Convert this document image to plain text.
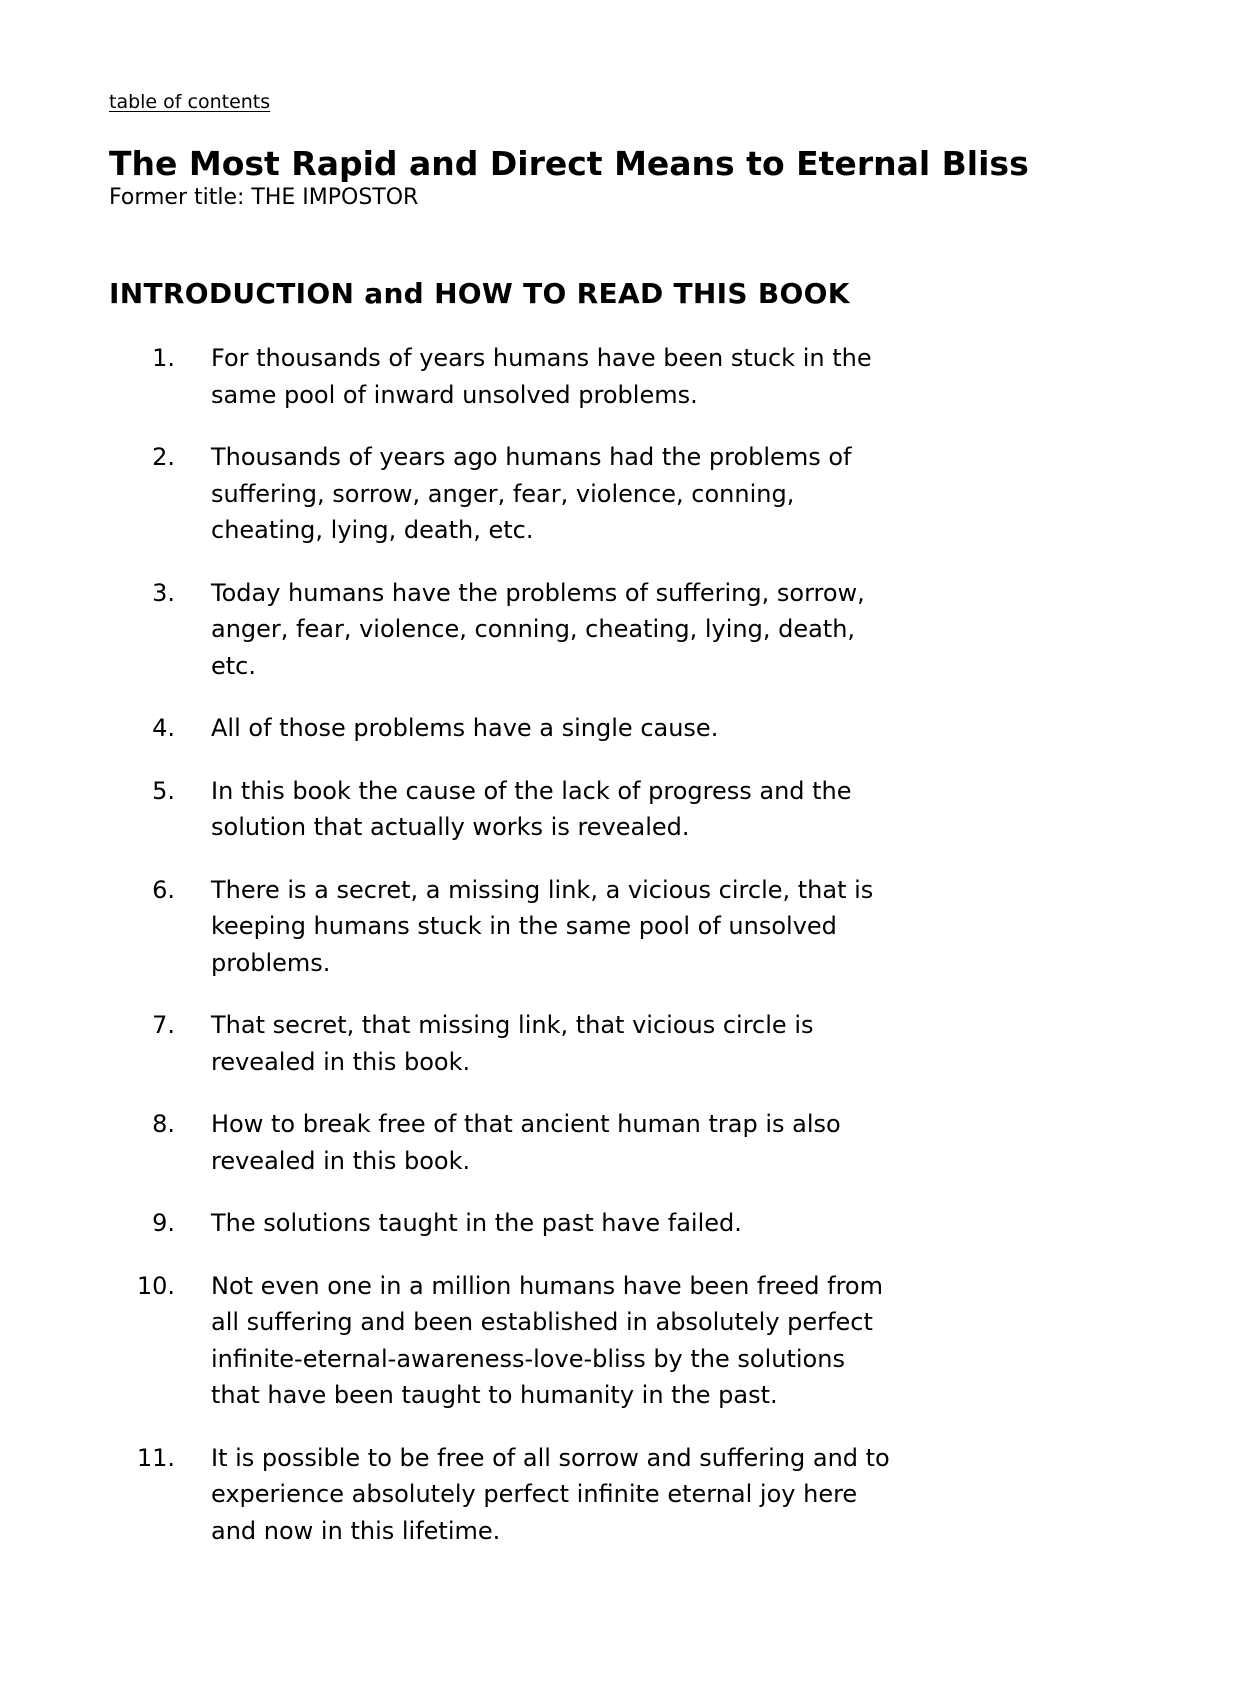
table of contents
The Most Rapid and Direct Means to Eternal Bliss

Former title: THE IMPOSTOR

INTRODUCTION and HOW TO READ THIS BOOK
1. For thousands of years humans have been stuck in the same pool of inward unsolved problems.
2. Thousands of years ago humans had the problems of suffering, sorrow, anger, fear, violence, conning, cheating, lying, death, etc.
3. Today humans have the problems of suffering, sorrow, anger, fear, violence, conning, cheating, lying, death, etc.
4. All of those problems have a single cause.
5. In this book the cause of the lack of progress and the solution that actually works is revealed.
6. There is a secret, a missing link, a vicious circle, that is keeping humans stuck in the same pool of unsolved problems.
7. That secret, that missing link, that vicious circle is revealed in this book.
8. How to break free of that ancient human trap is also revealed in this book.
9. The solutions taught in the past have failed.
10. Not even one in a million humans have been freed from all suffering and been established in absolutely perfect infinite-eternal-awareness-love-bliss by the solutions that have been taught to humanity in the past.
11. It is possible to be free of all sorrow and suffering and to experience absolutely perfect infinite eternal joy here and now in this lifetime.
